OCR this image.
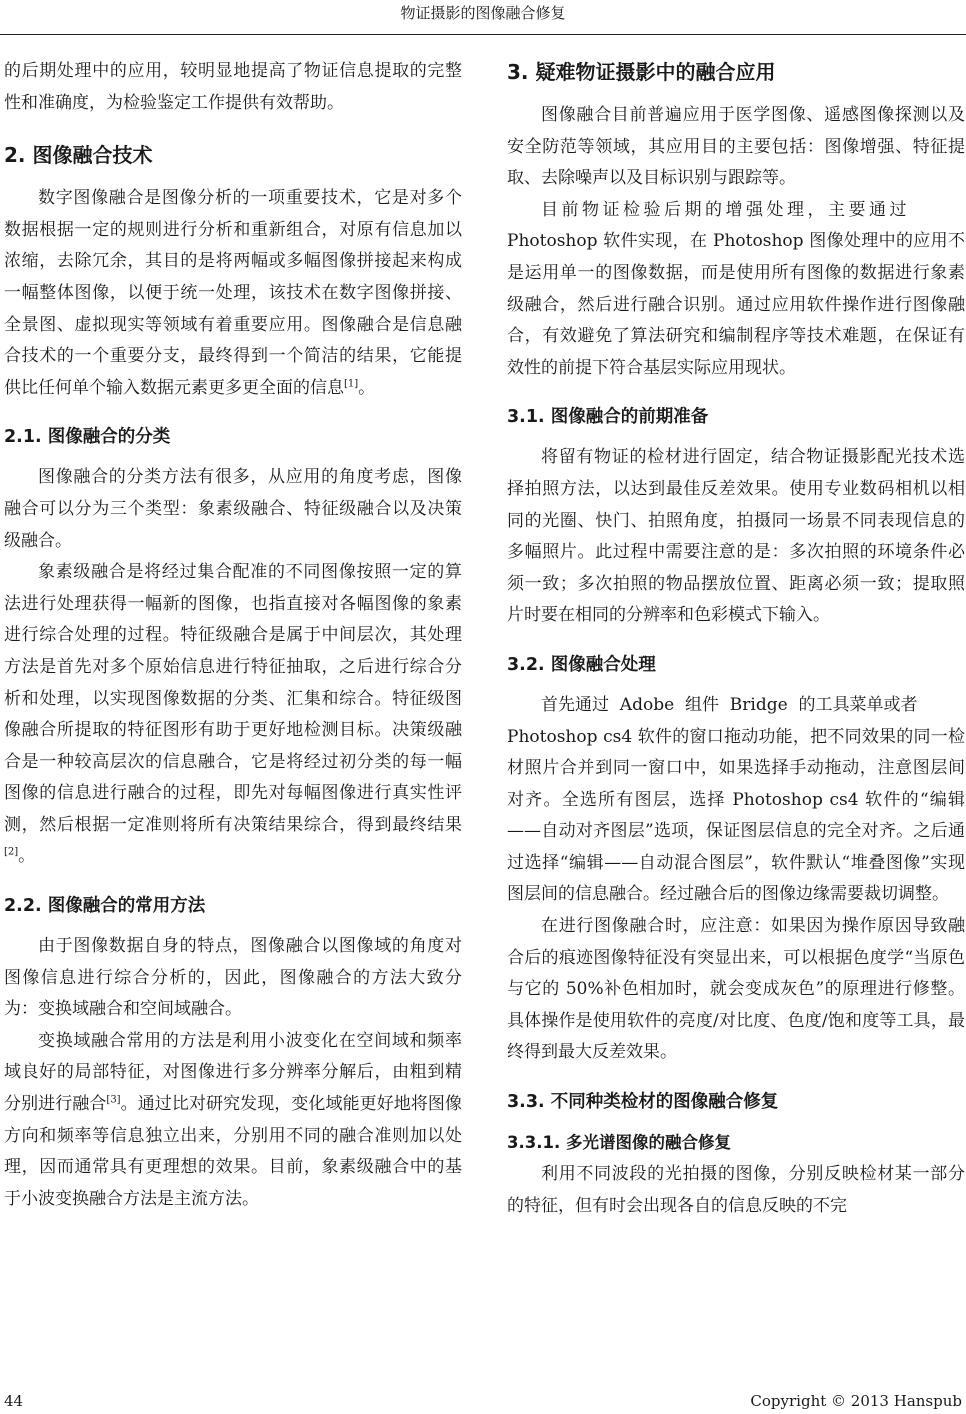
物证摄影的图像融合修复

的后期处理中的应用，较明显地提高了物证信息提取的完整性和准确度，为检验鉴定工作提供有效帮助。

2. 图像融合技术

数字图像融合是图像分析的一项重要技术，它是对多个数据根据一定的规则进行分析和重新组合，对原有信息加以浓缩，去除冗余，其目的是将两幅或多幅图像拼接起来构成一幅整体图像，以便于统一处理，该技术在数字图像拼接、全景图、虚拟现实等领域有着重要应用。图像融合是信息融合技术的一个重要分支，最终得到一个简洁的结果，它能提供比任何单个输入数据元素更多更全面的信息[1]。

2.1. 图像融合的分类

图像融合的分类方法有很多，从应用的角度考虑，图像融合可以分为三个类型：象素级融合、特征级融合以及决策级融合。

象素级融合是将经过集合配准的不同图像按照一定的算法进行处理获得一幅新的图像，也指直接对各幅图像的象素进行综合处理的过程。特征级融合是属于中间层次，其处理方法是首先对多个原始信息进行特征抽取，之后进行综合分析和处理，以实现图像数据的分类、汇集和综合。特征级图像融合所提取的特征图形有助于更好地检测目标。决策级融合是一种较高层次的信息融合，它是将经过初分类的每一幅图像的信息进行融合的过程，即先对每幅图像进行真实性评测，然后根据一定准则将所有决策结果综合，得到最终结果[2]。

2.2. 图像融合的常用方法

由于图像数据自身的特点，图像融合以图像域的角度对图像信息进行综合分析的，因此，图像融合的方法大致分为：变换域融合和空间域融合。

变换域融合常用的方法是利用小波变化在空间域和频率域良好的局部特征，对图像进行多分辨率分解后，由粗到精分别进行融合[3]。通过比对研究发现，变化域能更好地将图像方向和频率等信息独立出来，分别用不同的融合准则加以处理，因而通常具有更理想的效果。目前，象素级融合中的基于小波变换融合方法是主流方法。

3. 疑难物证摄影中的融合应用

图像融合目前普遍应用于医学图像、遥感图像探测以及安全防范等领域，其应用目的主要包括：图像增强、特征提取、去除噪声以及目标识别与跟踪等。

目前物证检验后期的增强处理，主要通过

Photoshop 软件实现，在 Photoshop 图像处理中的应用不是运用单一的图像数据，而是使用所有图像的数据进行象素级融合，然后进行融合识别。通过应用软件操作进行图像融合，有效避免了算法研究和编制程序等技术难题，在保证有效性的前提下符合基层实际应用现状。

3.1. 图像融合的前期准备

将留有物证的检材进行固定，结合物证摄影配光技术选择拍照方法，以达到最佳反差效果。使用专业数码相机以相同的光圈、快门、拍照角度，拍摄同一场景不同表现信息的多幅照片。此过程中需要注意的是：多次拍照的环境条件必须一致；多次拍照的物品摆放位置、距离必须一致；提取照片时要在相同的分辨率和色彩模式下输入。

3.2. 图像融合处理

首先通过  Adobe  组件  Bridge  的工具菜单或者

Photoshop cs4 软件的窗口拖动功能，把不同效果的同一检材照片合并到同一窗口中，如果选择手动拖动，注意图层间对齐。全选所有图层，选择 Photoshop cs4 软件的“编辑——自动对齐图层”选项，保证图层信息的完全对齐。之后通过选择“编辑——自动混合图层”，软件默认“堆叠图像”实现图层间的信息融合。经过融合后的图像边缘需要裁切调整。

在进行图像融合时，应注意：如果因为操作原因导致融合后的痕迹图像特征没有突显出来，可以根据色度学“当原色与它的 50%补色相加时，就会变成灰色”的原理进行修整。具体操作是使用软件的亮度/对比度、色度/饱和度等工具，最终得到最大反差效果。

3.3. 不同种类检材的图像融合修复
3.3.1. 多光谱图像的融合修复

利用不同波段的光拍摄的图像，分别反映检材某一部分的特征，但有时会出现各自的信息反映的不完

44	Copyright © 2013 Hanspub
